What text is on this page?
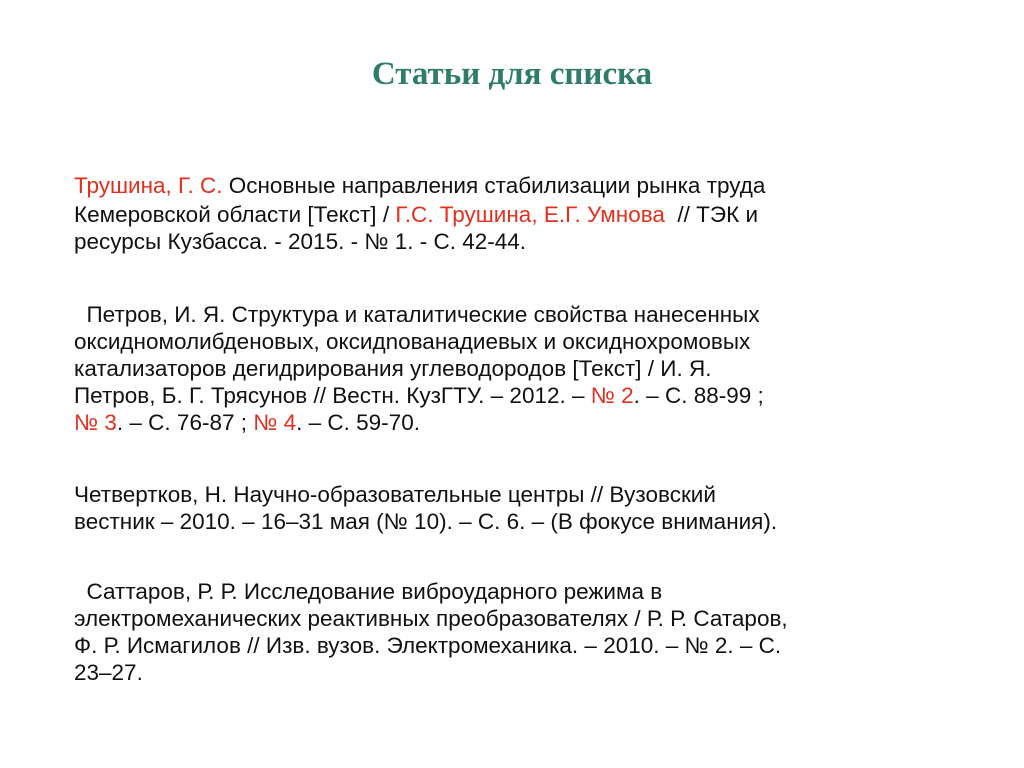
Статьи для списка

Трушина, Г. С. Основные направления стабилизации рынка труда
Кемеровской области [Текст] / Г.С. Трушина, Е.Г. Умнова  // ТЭК и
ресурсы Кузбасса. - 2015. - № 1. - С. 42-44.

Петров, И. Я. Структура и каталитические свойства нанесенных
оксидномолибденовых, оксидnованадиевых и оксиднохромовых
катализаторов дегидрирования углеводородов [Текст] / И. Я.
Петров, Б. Г. Трясунов // Вестн. КузГТУ. – 2012. – № 2. – С. 88-99 ;
№ 3. – С. 76-87 ; № 4. – С. 59-70.

Четвертков, Н. Научно-образовательные центры // Вузовский
вестник – 2010. – 16–31 мая (№ 10). – С. 6. – (В фокусе внимания).

Саттаров, Р. Р. Исследование виброударного режима в
электромеханических реактивных преобразователях / Р. Р. Сатаров,
Ф. Р. Исмагилов // Изв. вузов. Электромеханика. – 2010. – № 2. – С.
23–27.
